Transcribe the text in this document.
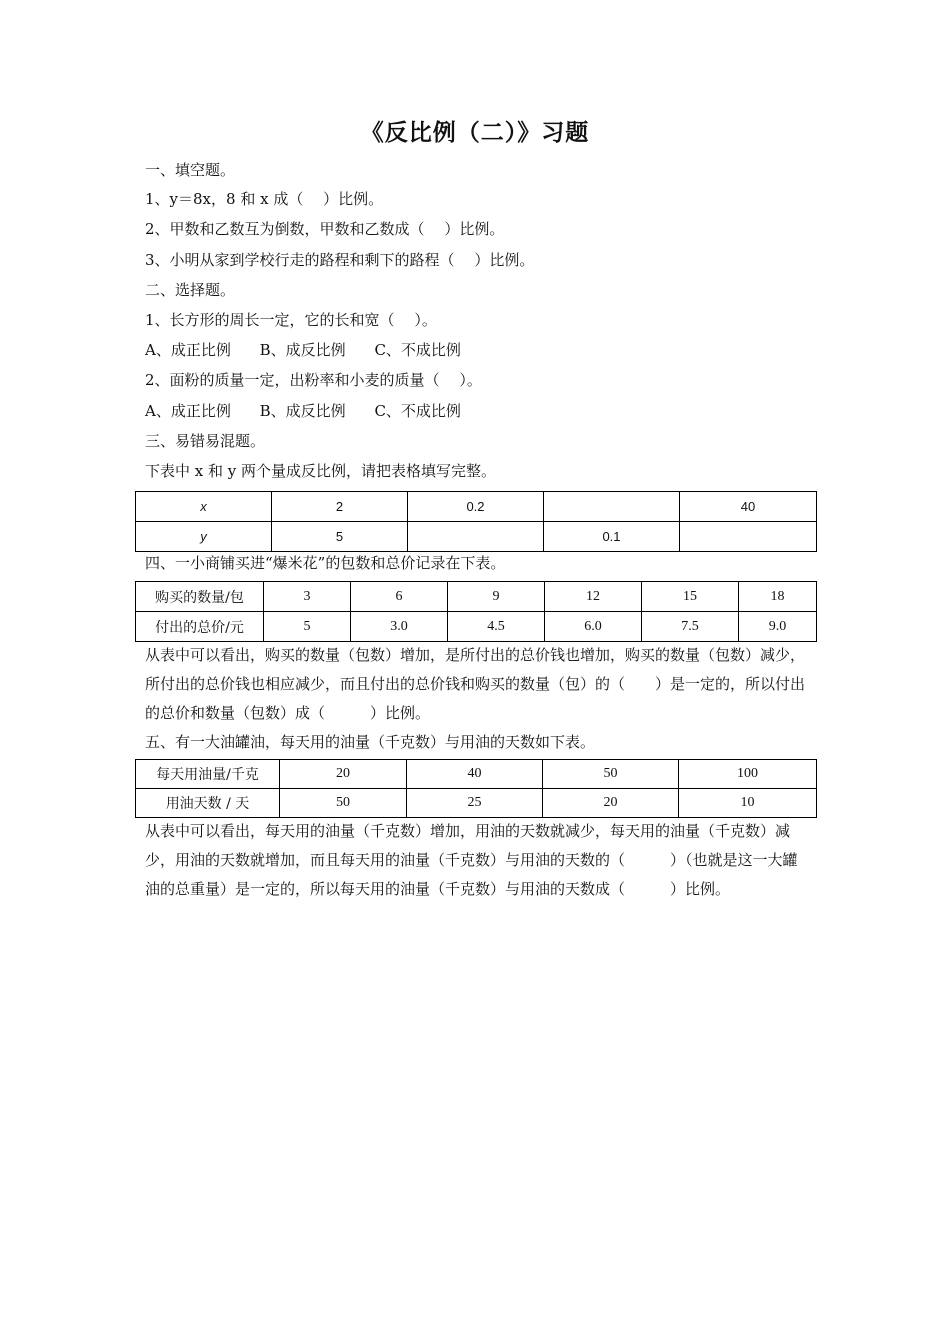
《反比例（二）》习题
一、填空题。
1、y＝8x，8 和 x 成（　 ）比例。
2、甲数和乙数互为倒数，甲数和乙数成（　 ）比例。
3、小明从家到学校行走的路程和剩下的路程（　 ）比例。
二、选择题。
1、长方形的周长一定，它的长和宽（　 ）。
A、成正比例 B、成反比例 C、不成比例
2、面粉的质量一定，出粉率和小麦的质量（　 ）。
A、成正比例 B、成反比例 C、不成比例
三、易错易混题。
下表中 x 和 y 两个量成反比例，请把表格填写完整。
x	2	0.2		40
y	5		0.1	
四、一小商铺买进“爆米花”的包数和总价记录在下表。
购买的数量/包	3	6	9	12	15	18
付出的总价/元	5	3.0	4.5	6.0	7.5	9.0
从表中可以看出，购买的数量（包数）增加，是所付出的总价钱也增加，购买的数量（包数）减少，所付出的总价钱也相应减少，而且付出的总价钱和购买的数量（包）的（　　）是一定的，所以付出的总价和数量（包数）成（　　　）比例。
五、有一大油罐油，每天用的油量（千克数）与用油的天数如下表。
每天用油量/千克	20	40	50	100
用油天数 / 天	50	25	20	10
从表中可以看出，每天用的油量（千克数）增加，用油的天数就减少，每天用的油量（千克数）减少，用油的天数就增加，而且每天用的油量（千克数）与用油的天数的（　　　）（也就是这一大罐油的总重量）是一定的，所以每天用的油量（千克数）与用油的天数成（　　　）比例。
